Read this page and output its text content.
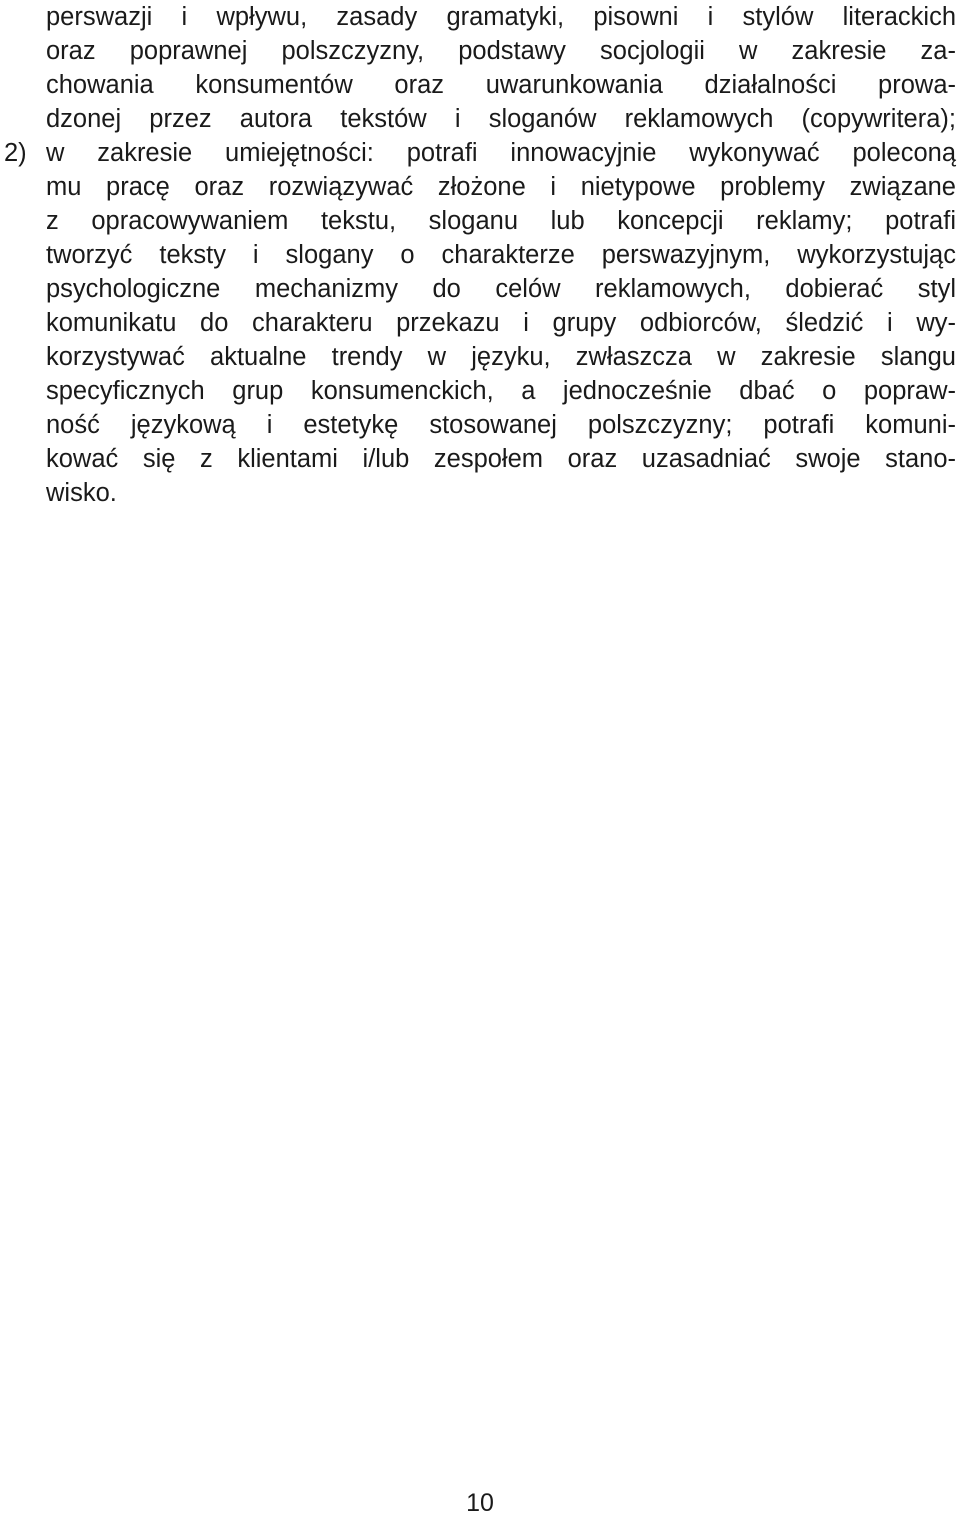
perswazji i wpływu, zasady gramatyki, pisowni i stylów literackich
oraz poprawnej polszczyzny, podstawy socjologii w zakresie za-
chowania konsumentów oraz uwarunkowania działalności prowa-
dzonej przez autora tekstów i sloganów reklamowych (copywritera);
2) w zakresie umiejętności: potrafi innowacyjnie wykonywać poleconą
mu pracę oraz rozwiązywać złożone i nietypowe problemy związane
z opracowywaniem tekstu, sloganu lub koncepcji reklamy; potrafi
tworzyć teksty i slogany o charakterze perswazyjnym, wykorzystując
psychologiczne mechanizmy do celów reklamowych, dobierać styl
komunikatu do charakteru przekazu i grupy odbiorców, śledzić i wy-
korzystywać aktualne trendy w języku, zwłaszcza w zakresie slangu
specyficznych grup konsumenckich, a jednocześnie dbać o popraw-
ność językową i estetykę stosowanej polszczyzny; potrafi komuni-
kować się z klientami i/lub zespołem oraz uzasadniać swoje stano-
wisko.
10
